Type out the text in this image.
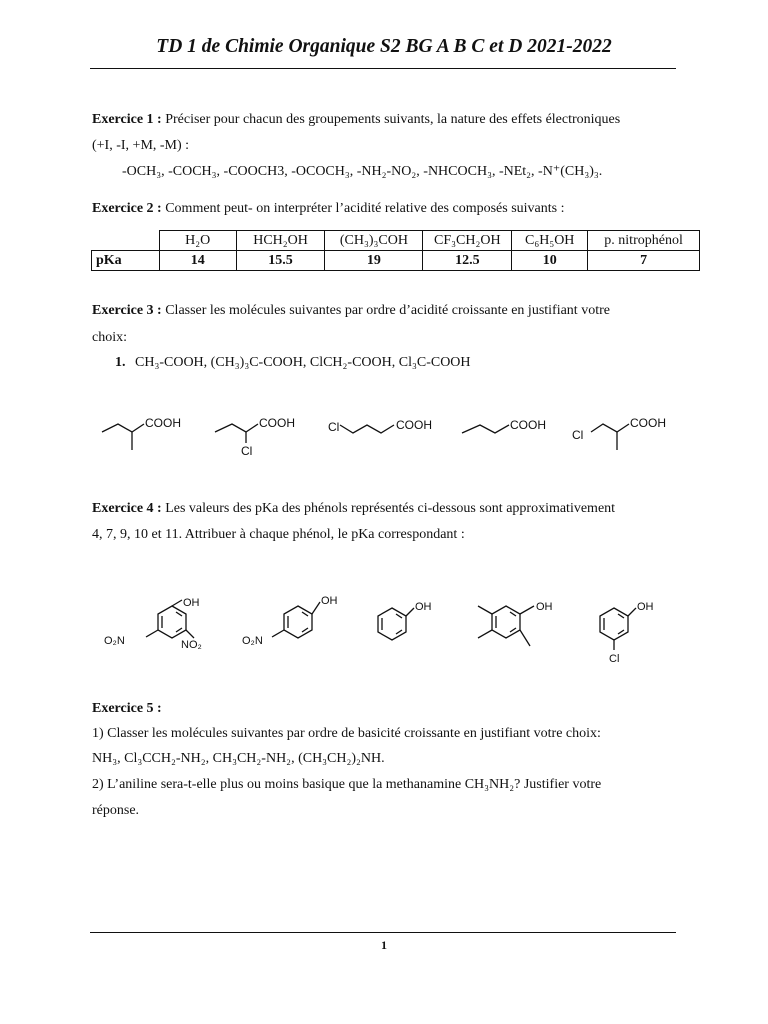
TD 1 de Chimie Organique S2 BG A B C et D 2021-2022
Exercice 1 : Préciser pour chacun des groupements suivants, la nature des effets électroniques
(+I, -I, +M, -M) :
-OCH₃, -COCH₃, -COOCH3, -OCOCH₃, -NH₂-NO₂, -NHCOCH₃, -NEt₂, -N⁺(CH₃)₃.
Exercice 2 : Comment peut- on interpréter l’acidité relative des composés suivants :
	H₂O	HCH₂OH	(CH₃)₃COH	CF₃CH₂OH	C₆H₅OH	p. nitrophénol
pKa	14	15.5	19	12.5	10	7
Exercice 3 : Classer les molécules suivantes par ordre d’acidité croissante en justifiant votre
choix:
1. CH₃-COOH, (CH₃)₃C-COOH, ClCH₂-COOH, Cl₃C-COOH
COOH	COOH
Cl
Cl	COOH	COOH
Cl
COOH
Exercice 4 : Les valeurs des pKa des phénols représentés ci-dessous sont approximativement
4, 7, 9, 10 et 11. Attribuer à chaque phénol, le pKa correspondant :
OH
NO₂
O₂N
OH
O₂N
OH	OH	OH
Cl
Exercice 5 :
1) Classer les molécules suivantes par ordre de basicité croissante en justifiant votre choix:
NH₃, Cl₃CCH₂-NH₂, CH₃CH₂-NH₂, (CH₃CH₂)₂NH.
2) L’aniline sera-t-elle plus ou moins basique que la methanamine CH₃NH₂? Justifier votre
réponse.
1
